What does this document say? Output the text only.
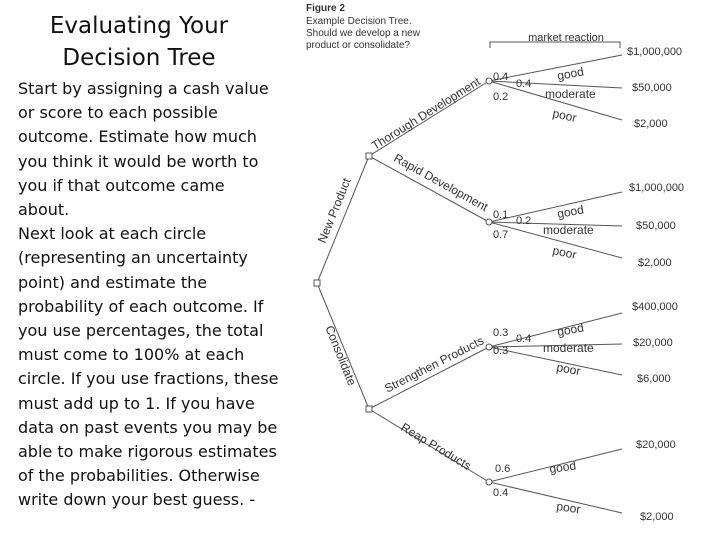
Evaluating Your
Decision Tree

Start by assigning a cash value or score to each possible outcome. Estimate how much you think it would be worth to you if that outcome came about.

Next look at each circle (representing an uncertainty point) and estimate the probability of each outcome. If you use percentages, the total must come to 100% at each circle. If you use fractions, these must add up to 1. If you have data on past events you may be able to make rigorous estimates of the probabilities. Otherwise write down your best guess. -

Figure 2
Example Decision Tree.
Should we develop a new
product or consolidate?
market reaction
New Product
Consolidate
Thorough Development
Rapid Development
Strengthen Products
Reap Products
0.4
0.4
0.2
good
moderate
poor
$1,000,000
$50,000
$2,000
0.1 0.2
0.7
good
moderate
poor
$1,000,000
$50,000
$2,000
0.3 0.4
0.3
good
moderate
poor
$400,000
$20,000
$6,000
0.6
0.4
good
poor
$20,000
$2,000
